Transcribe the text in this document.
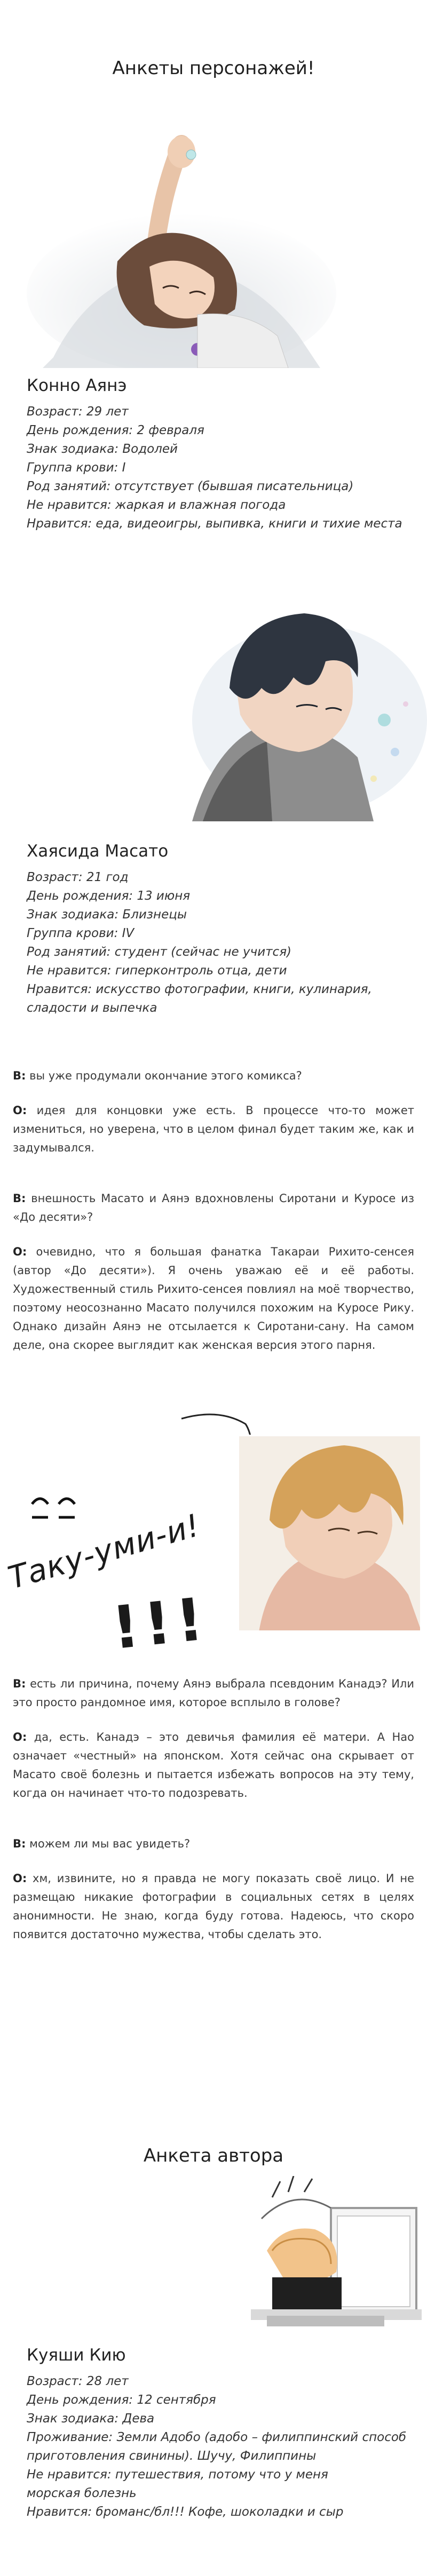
Анкеты персонажей!
Конно Аянэ
Возраст: 29 лет
День рождения: 2 февраля
Знак зодиака: Водолей
Группа крови: I
Род занятий: отсутствует (бывшая писательница)
Не нравится: жаркая и влажная погода
Нравится: еда, видеоигры, выпивка, книги и тихие места
Хаясида Масато
Возраст: 21 год
День рождения: 13 июня
Знак зодиака: Близнецы
Группа крови: IV
Род занятий: студент (сейчас не учится)
Не нравится: гиперконтроль отца, дети
Нравится: искусство фотографии, книги, кулинария,
сладости и выпечка

В: вы уже продумали окончание этого комикса?

О: идея для концовки уже есть. В процессе что-то может измениться, но уверена, что в целом финал будет таким же, как и задумывался.

В: внешность Масато и Аянэ вдохновлены Сиротани и Куросе из «До десяти»?

О: очевидно, что я большая фанатка Такараи Рихито-сенсея (автор «До десяти»). Я очень уважаю её и её работы. Художественный стиль Рихито-сенсея повлиял на моё творчество, поэтому неосознанно Масато получился похожим на Куросе Рику. Однако дизайн Аянэ не отсылается к Сиротани-сану. На самом деле, она скорее выглядит как женская версия этого парня.

Таку-уми-и!
!!!

В: есть ли причина, почему Аянэ выбрала псевдоним Канадэ? Или это просто рандомное имя, которое всплыло в голове?

О: да, есть. Канадэ – это девичья фамилия её матери. А Нао означает «честный» на японском. Хотя сейчас она скрывает от Масато своё болезнь и пытается избежать вопросов на эту тему, когда он начинает что-то подозревать.

В: можем ли мы вас увидеть?

О: хм, извините, но я правда не могу показать своё лицо. И не размещаю никакие фотографии в социальных сетях в целях анонимности. Не знаю, когда буду готова. Надеюсь, что скоро появится достаточно мужества, чтобы сделать это.

Анкета автора
Куяши Кию
Возраст: 28 лет
День рождения: 12 сентября
Знак зодиака: Дева
Проживание: Земли Адобо (адобо – филиппинский способ
приготовления свинины). Шучу, Филиппины
Не нравится: путешествия, потому что у меня
морская болезнь
Нравится: броманс/бл!!! Кофе, шоколадки и сыр
